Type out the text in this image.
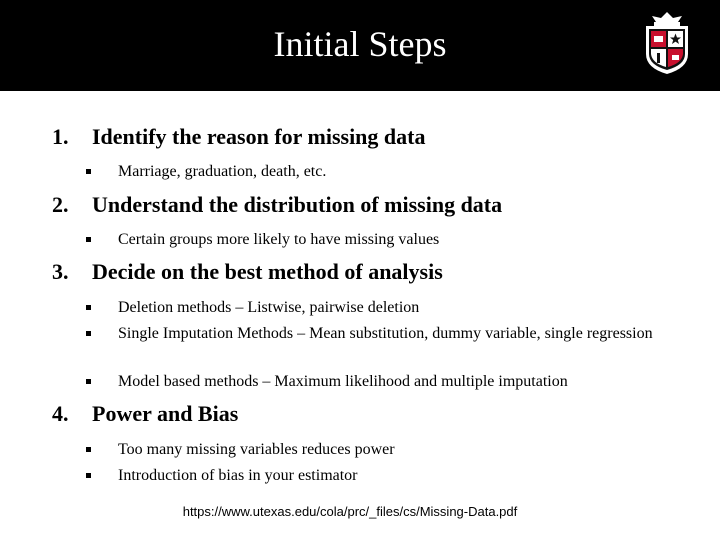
Initial Steps
1. Identify the reason for missing data
Marriage, graduation, death, etc.
2. Understand the distribution of missing data
Certain groups more likely to have missing values
3. Decide on the best method of analysis
Deletion methods – Listwise, pairwise deletion
Single Imputation Methods – Mean substitution, dummy variable, single regression
Model based methods – Maximum likelihood and multiple imputation
4. Power and Bias
Too many missing variables reduces power
Introduction of bias in your estimator
https://www.utexas.edu/cola/prc/_files/cs/Missing-Data.pdf
